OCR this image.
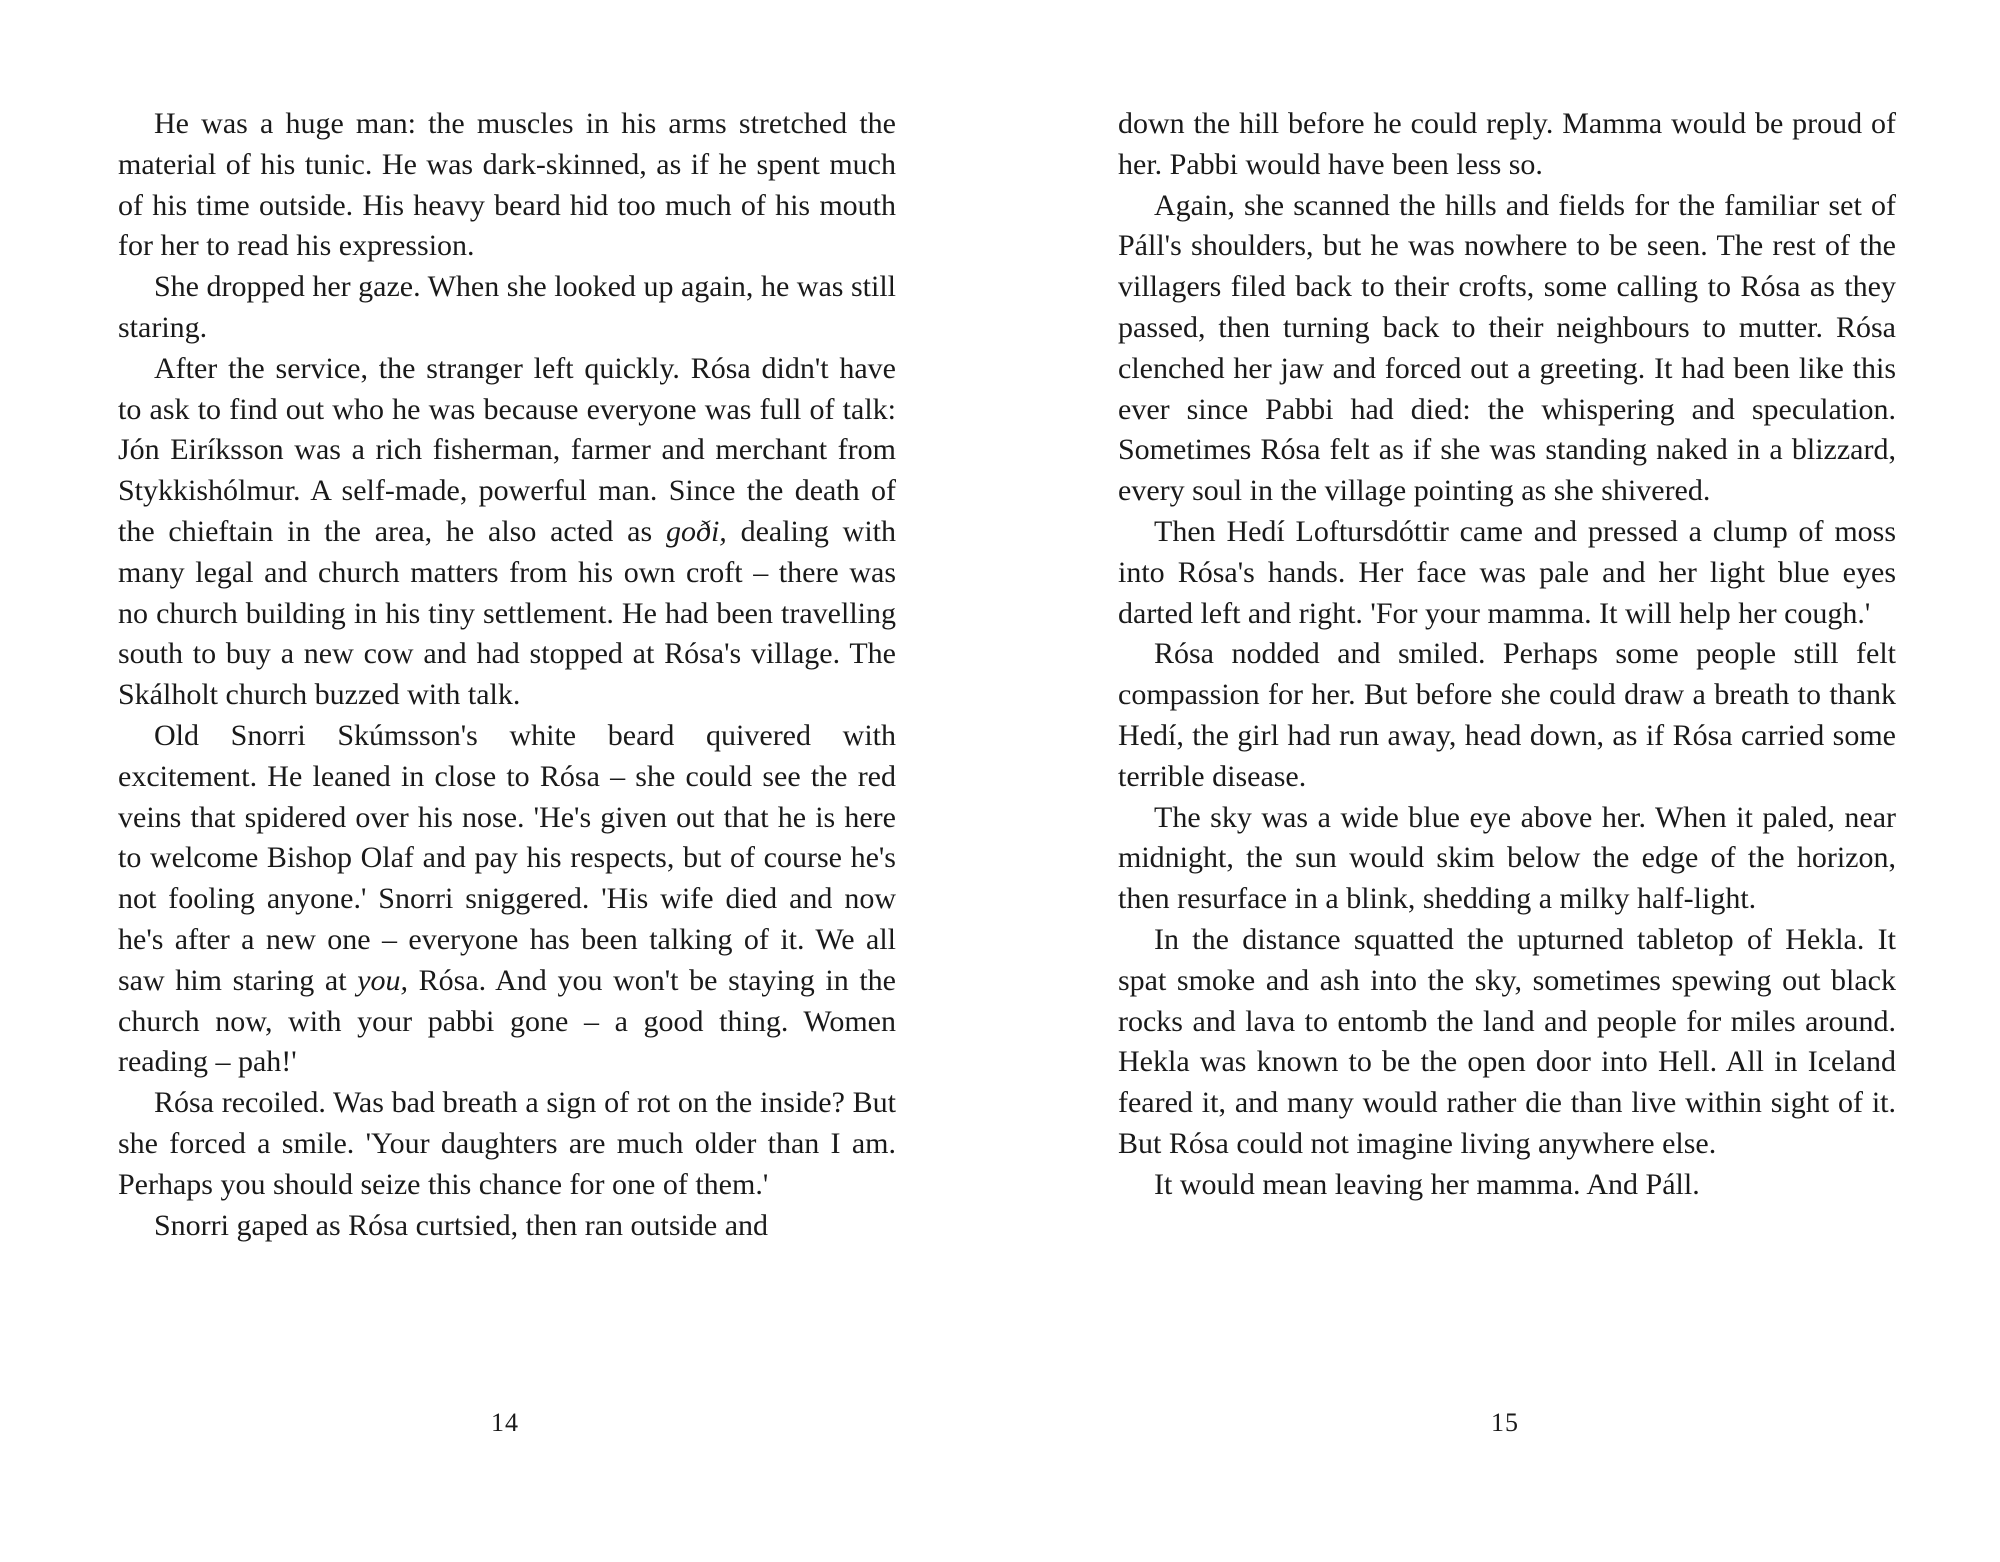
He was a huge man: the muscles in his arms stretched the material of his tunic. He was dark-skinned, as if he spent much of his time outside. His heavy beard hid too much of his mouth for her to read his expression.

She dropped her gaze. When she looked up again, he was still staring.

After the service, the stranger left quickly. Rósa didn't have to ask to find out who he was because everyone was full of talk: Jón Eiríksson was a rich fisherman, farmer and merchant from Stykkishólmur. A self-made, powerful man. Since the death of the chieftain in the area, he also acted as goði, dealing with many legal and church matters from his own croft – there was no church building in his tiny settlement. He had been travelling south to buy a new cow and had stopped at Rósa's village. The Skálholt church buzzed with talk.

Old Snorri Skúmsson's white beard quivered with excitement. He leaned in close to Rósa – she could see the red veins that spidered over his nose. 'He's given out that he is here to welcome Bishop Olaf and pay his respects, but of course he's not fooling anyone.' Snorri sniggered. 'His wife died and now he's after a new one – everyone has been talking of it. We all saw him staring at you, Rósa. And you won't be staying in the church now, with your pabbi gone – a good thing. Women reading – pah!'

Rósa recoiled. Was bad breath a sign of rot on the inside? But she forced a smile. 'Your daughters are much older than I am. Perhaps you should seize this chance for one of them.'

Snorri gaped as Rósa curtsied, then ran outside and

14

down the hill before he could reply. Mamma would be proud of her. Pabbi would have been less so.

Again, she scanned the hills and fields for the familiar set of Páll's shoulders, but he was nowhere to be seen. The rest of the villagers filed back to their crofts, some calling to Rósa as they passed, then turning back to their neighbours to mutter. Rósa clenched her jaw and forced out a greeting. It had been like this ever since Pabbi had died: the whispering and speculation. Sometimes Rósa felt as if she was standing naked in a blizzard, every soul in the village pointing as she shivered.

Then Hedí Loftursdóttir came and pressed a clump of moss into Rósa's hands. Her face was pale and her light blue eyes darted left and right. 'For your mamma. It will help her cough.'

Rósa nodded and smiled. Perhaps some people still felt compassion for her. But before she could draw a breath to thank Hedí, the girl had run away, head down, as if Rósa carried some terrible disease.

The sky was a wide blue eye above her. When it paled, near midnight, the sun would skim below the edge of the horizon, then resurface in a blink, shedding a milky half-light.

In the distance squatted the upturned tabletop of Hekla. It spat smoke and ash into the sky, sometimes spewing out black rocks and lava to entomb the land and people for miles around. Hekla was known to be the open door into Hell. All in Iceland feared it, and many would rather die than live within sight of it. But Rósa could not imagine living anywhere else.

It would mean leaving her mamma. And Páll.

15
